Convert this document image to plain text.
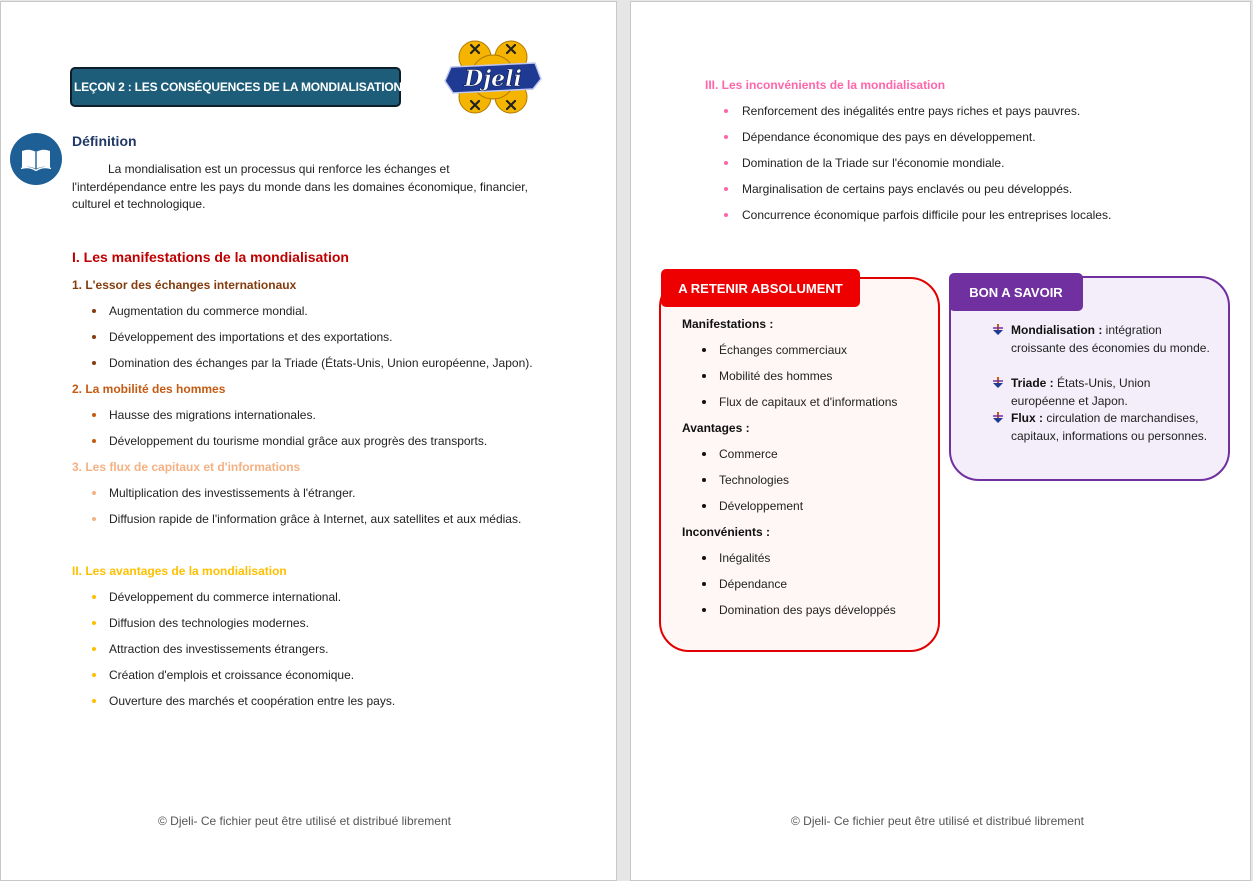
LEÇON 2 : LES CONSÉQUENCES DE LA MONDIALISATION	Djeli
Définition
La mondialisation est un processus qui renforce les échanges et l'interdépendance entre les pays du monde dans les domaines économique, financier, culturel et technologique.
I. Les manifestations de la mondialisation
1. L'essor des échanges internationaux
Augmentation du commerce mondial.
Développement des importations et des exportations.
Domination des échanges par la Triade (États-Unis, Union européenne, Japon).
2. La mobilité des hommes
Hausse des migrations internationales.
Développement du tourisme mondial grâce aux progrès des transports.
3. Les flux de capitaux et d'informations
Multiplication des investissements à l'étranger.
Diffusion rapide de l'information grâce à Internet, aux satellites et aux médias.
II. Les avantages de la mondialisation
Développement du commerce international.
Diffusion des technologies modernes.
Attraction des investissements étrangers.
Création d'emplois et croissance économique.
Ouverture des marchés et coopération entre les pays.
© Djeli- Ce fichier peut être utilisé et distribué librement
III. Les inconvénients de la mondialisation
Renforcement des inégalités entre pays riches et pays pauvres.
Dépendance économique des pays en développement.
Domination de la Triade sur l'économie mondiale.
Marginalisation de certains pays enclavés ou peu développés.
Concurrence économique parfois difficile pour les entreprises locales.
A RETENIR ABSOLUMENT
Manifestations :
Échanges commerciaux
Mobilité des hommes
Flux de capitaux et d'informations
Avantages :
Commerce
Technologies
Développement
Inconvénients :
Inégalités
Dépendance
Domination des pays développés
BON A SAVOIR
Mondialisation : intégration croissante des économies du monde.
Triade : États-Unis, Union européenne et Japon.
Flux : circulation de marchandises, capitaux, informations ou personnes.
© Djeli- Ce fichier peut être utilisé et distribué librement
